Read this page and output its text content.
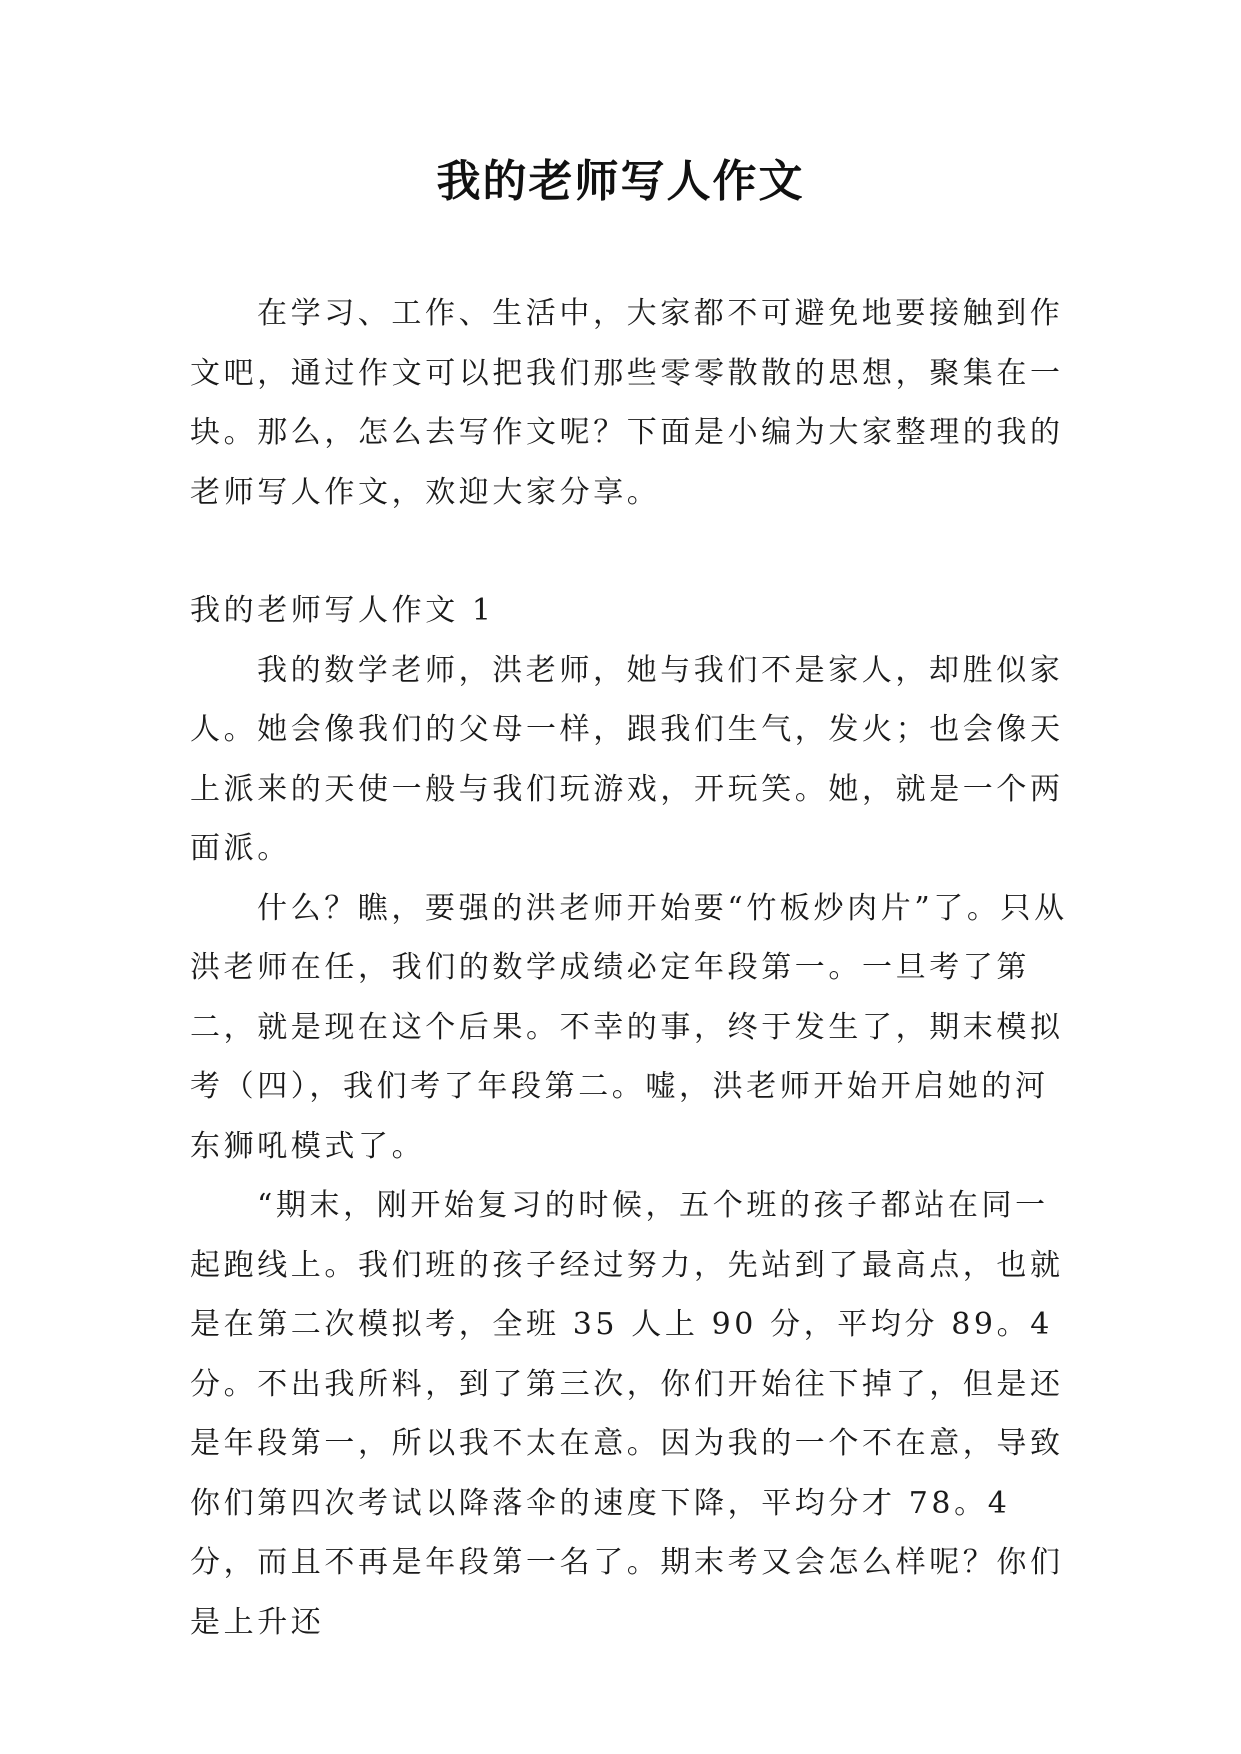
我的老师写人作文

在学习、工作、生活中，大家都不可避免地要接触到作文吧，通过作文可以把我们那些零零散散的思想，聚集在一块。那么，怎么去写作文呢？下面是小编为大家整理的我的老师写人作文，欢迎大家分享。

我的老师写人作文 1

我的数学老师，洪老师，她与我们不是家人，却胜似家人。她会像我们的父母一样，跟我们生气，发火；也会像天上派来的天使一般与我们玩游戏，开玩笑。她，就是一个两面派。

什么？瞧，要强的洪老师开始要“竹板炒肉片”了。只从洪老师在任，我们的数学成绩必定年段第一。一旦考了第二，就是现在这个后果。不幸的事，终于发生了，期末模拟考（四），我们考了年段第二。嘘，洪老师开始开启她的河东狮吼模式了。

“期末，刚开始复习的时候，五个班的孩子都站在同一起跑线上。我们班的孩子经过努力，先站到了最高点，也就是在第二次模拟考，全班 35 人上 90 分，平均分 89。4 分。不出我所料，到了第三次，你们开始往下掉了，但是还是年段第一，所以我不太在意。因为我的一个不在意，导致你们第四次考试以降落伞的速度下降，平均分才 78。4 分，而且不再是年段第一名了。期末考又会怎么样呢？你们是上升还
